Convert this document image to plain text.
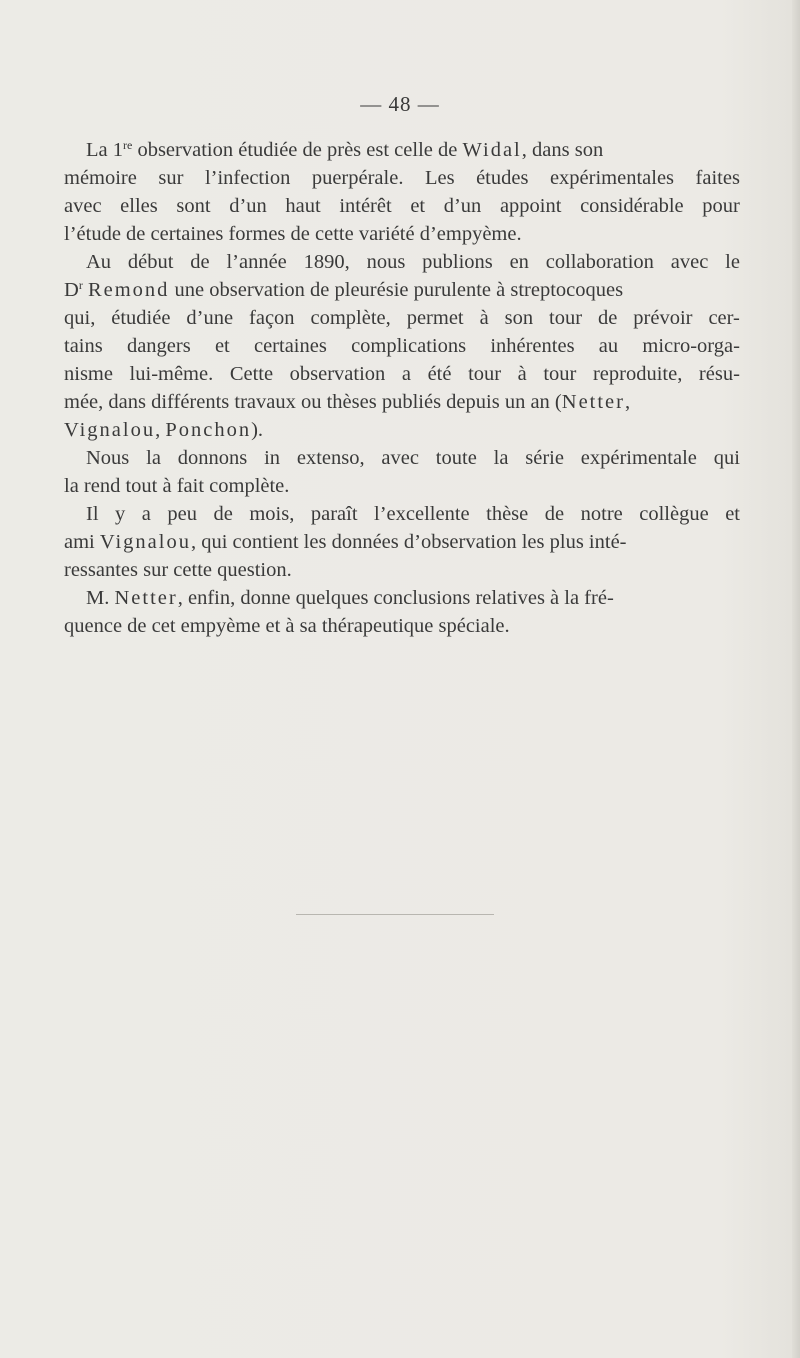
— 48 —
La 1re observation étudiée de près est celle de Widal, dans son
mémoire sur l’infection puerpérale. Les études expérimentales faites
avec elles sont d’un haut intérêt et d’un appoint considérable pour
l’étude de certaines formes de cette variété d’empyème.
Au début de l’année 1890, nous publions en collaboration avec le
$D^r$ Remond une observation de pleurésie purulente à streptocoques
qui, étudiée d’une façon complète, permet à son tour de prévoir cer-
tains dangers et certaines complications inhérentes au micro-orga-
nisme lui-même. Cette observation a été tour à tour reproduite, résu-
mée, dans différents travaux ou thèses publiés depuis un an (Netter,
Vignalou, Ponchon).
Nous la donnons in extenso, avec toute la série expérimentale qui
la rend tout à fait complète.
Il y a peu de mois, paraît l’excellente thèse de notre collègue et
ami Vignalou, qui contient les données d’observation les plus inté-
ressantes sur cette question.
M. Netter, enfin, donne quelques conclusions relatives à la fré-
quence de cet empyème et à sa thérapeutique spéciale.
